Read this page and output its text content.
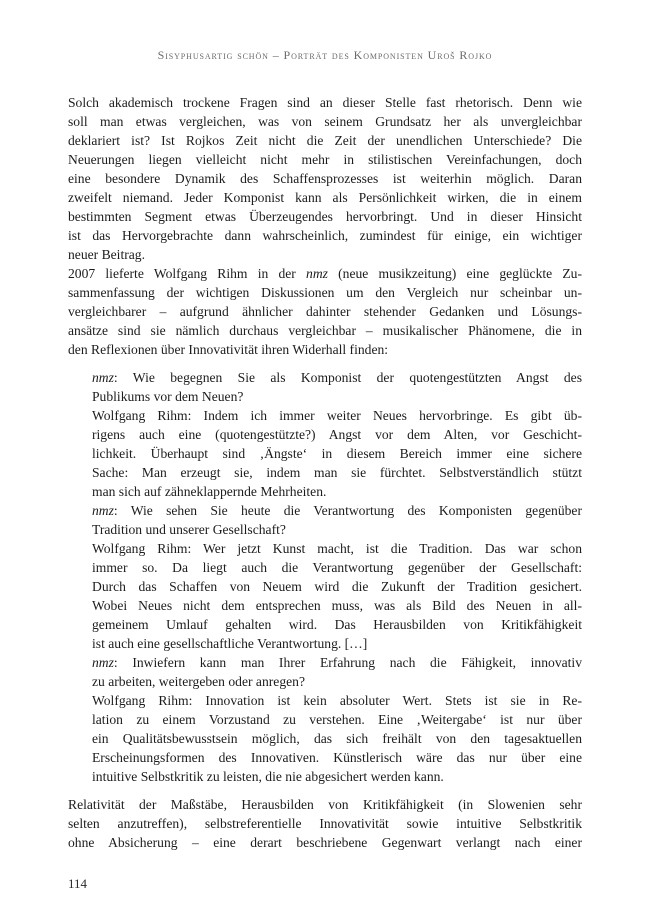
Sisyphusartig schön – Porträt des Komponisten Uroš Rojko
Solch akademisch trockene Fragen sind an dieser Stelle fast rhetorisch. Denn wie
soll man etwas vergleichen, was von seinem Grundsatz her als unvergleichbar
deklariert ist? Ist Rojkos Zeit nicht die Zeit der unendlichen Unterschiede? Die
Neuerungen liegen vielleicht nicht mehr in stilistischen Vereinfachungen, doch
eine besondere Dynamik des Schaffensprozesses ist weiterhin möglich. Daran
zweifelt niemand. Jeder Komponist kann als Persönlichkeit wirken, die in einem
bestimmten Segment etwas Überzeugendes hervorbringt. Und in dieser Hinsicht
ist das Hervorgebrachte dann wahrscheinlich, zumindest für einige, ein wichtiger
neuer Beitrag.
2007 lieferte Wolfgang Rihm in der nmz (neue musikzeitung) eine geglückte Zu-
sammenfassung der wichtigen Diskussionen um den Vergleich nur scheinbar un-
vergleichbarer – aufgrund ähnlicher dahinter stehender Gedanken und Lösungs-
ansätze sind sie nämlich durchaus vergleichbar – musikalischer Phänomene, die in
den Reflexionen über Innovativität ihren Widerhall finden:
nmz: Wie begegnen Sie als Komponist der quotengestützten Angst des
Publikums vor dem Neuen?
Wolfgang Rihm: Indem ich immer weiter Neues hervorbringe. Es gibt üb-
rigens auch eine (quotengestützte?) Angst vor dem Alten, vor Geschicht-
lichkeit. Überhaupt sind ‚Ängste‘ in diesem Bereich immer eine sichere
Sache: Man erzeugt sie, indem man sie fürchtet. Selbstverständlich stützt
man sich auf zähneklappernde Mehrheiten.
nmz: Wie sehen Sie heute die Verantwortung des Komponisten gegenüber
Tradition und unserer Gesellschaft?
Wolfgang Rihm: Wer jetzt Kunst macht, ist die Tradition. Das war schon
immer so. Da liegt auch die Verantwortung gegenüber der Gesellschaft:
Durch das Schaffen von Neuem wird die Zukunft der Tradition gesichert.
Wobei Neues nicht dem entsprechen muss, was als Bild des Neuen in all-
gemeinem Umlauf gehalten wird. Das Herausbilden von Kritikfähigkeit
ist auch eine gesellschaftliche Verantwortung. […]
nmz: Inwiefern kann man Ihrer Erfahrung nach die Fähigkeit, innovativ
zu arbeiten, weitergeben oder anregen?
Wolfgang Rihm: Innovation ist kein absoluter Wert. Stets ist sie in Re-
lation zu einem Vorzustand zu verstehen. Eine ‚Weitergabe‘ ist nur über
ein Qualitätsbewusstsein möglich, das sich freihält von den tagesaktuellen
Erscheinungsformen des Innovativen. Künstlerisch wäre das nur über eine
intuitive Selbstkritik zu leisten, die nie abgesichert werden kann.
Relativität der Maßstäbe, Herausbilden von Kritikfähigkeit (in Slowenien sehr
selten anzutreffen), selbstreferentielle Innovativität sowie intuitive Selbstkritik
ohne Absicherung – eine derart beschriebene Gegenwart verlangt nach einer
114
